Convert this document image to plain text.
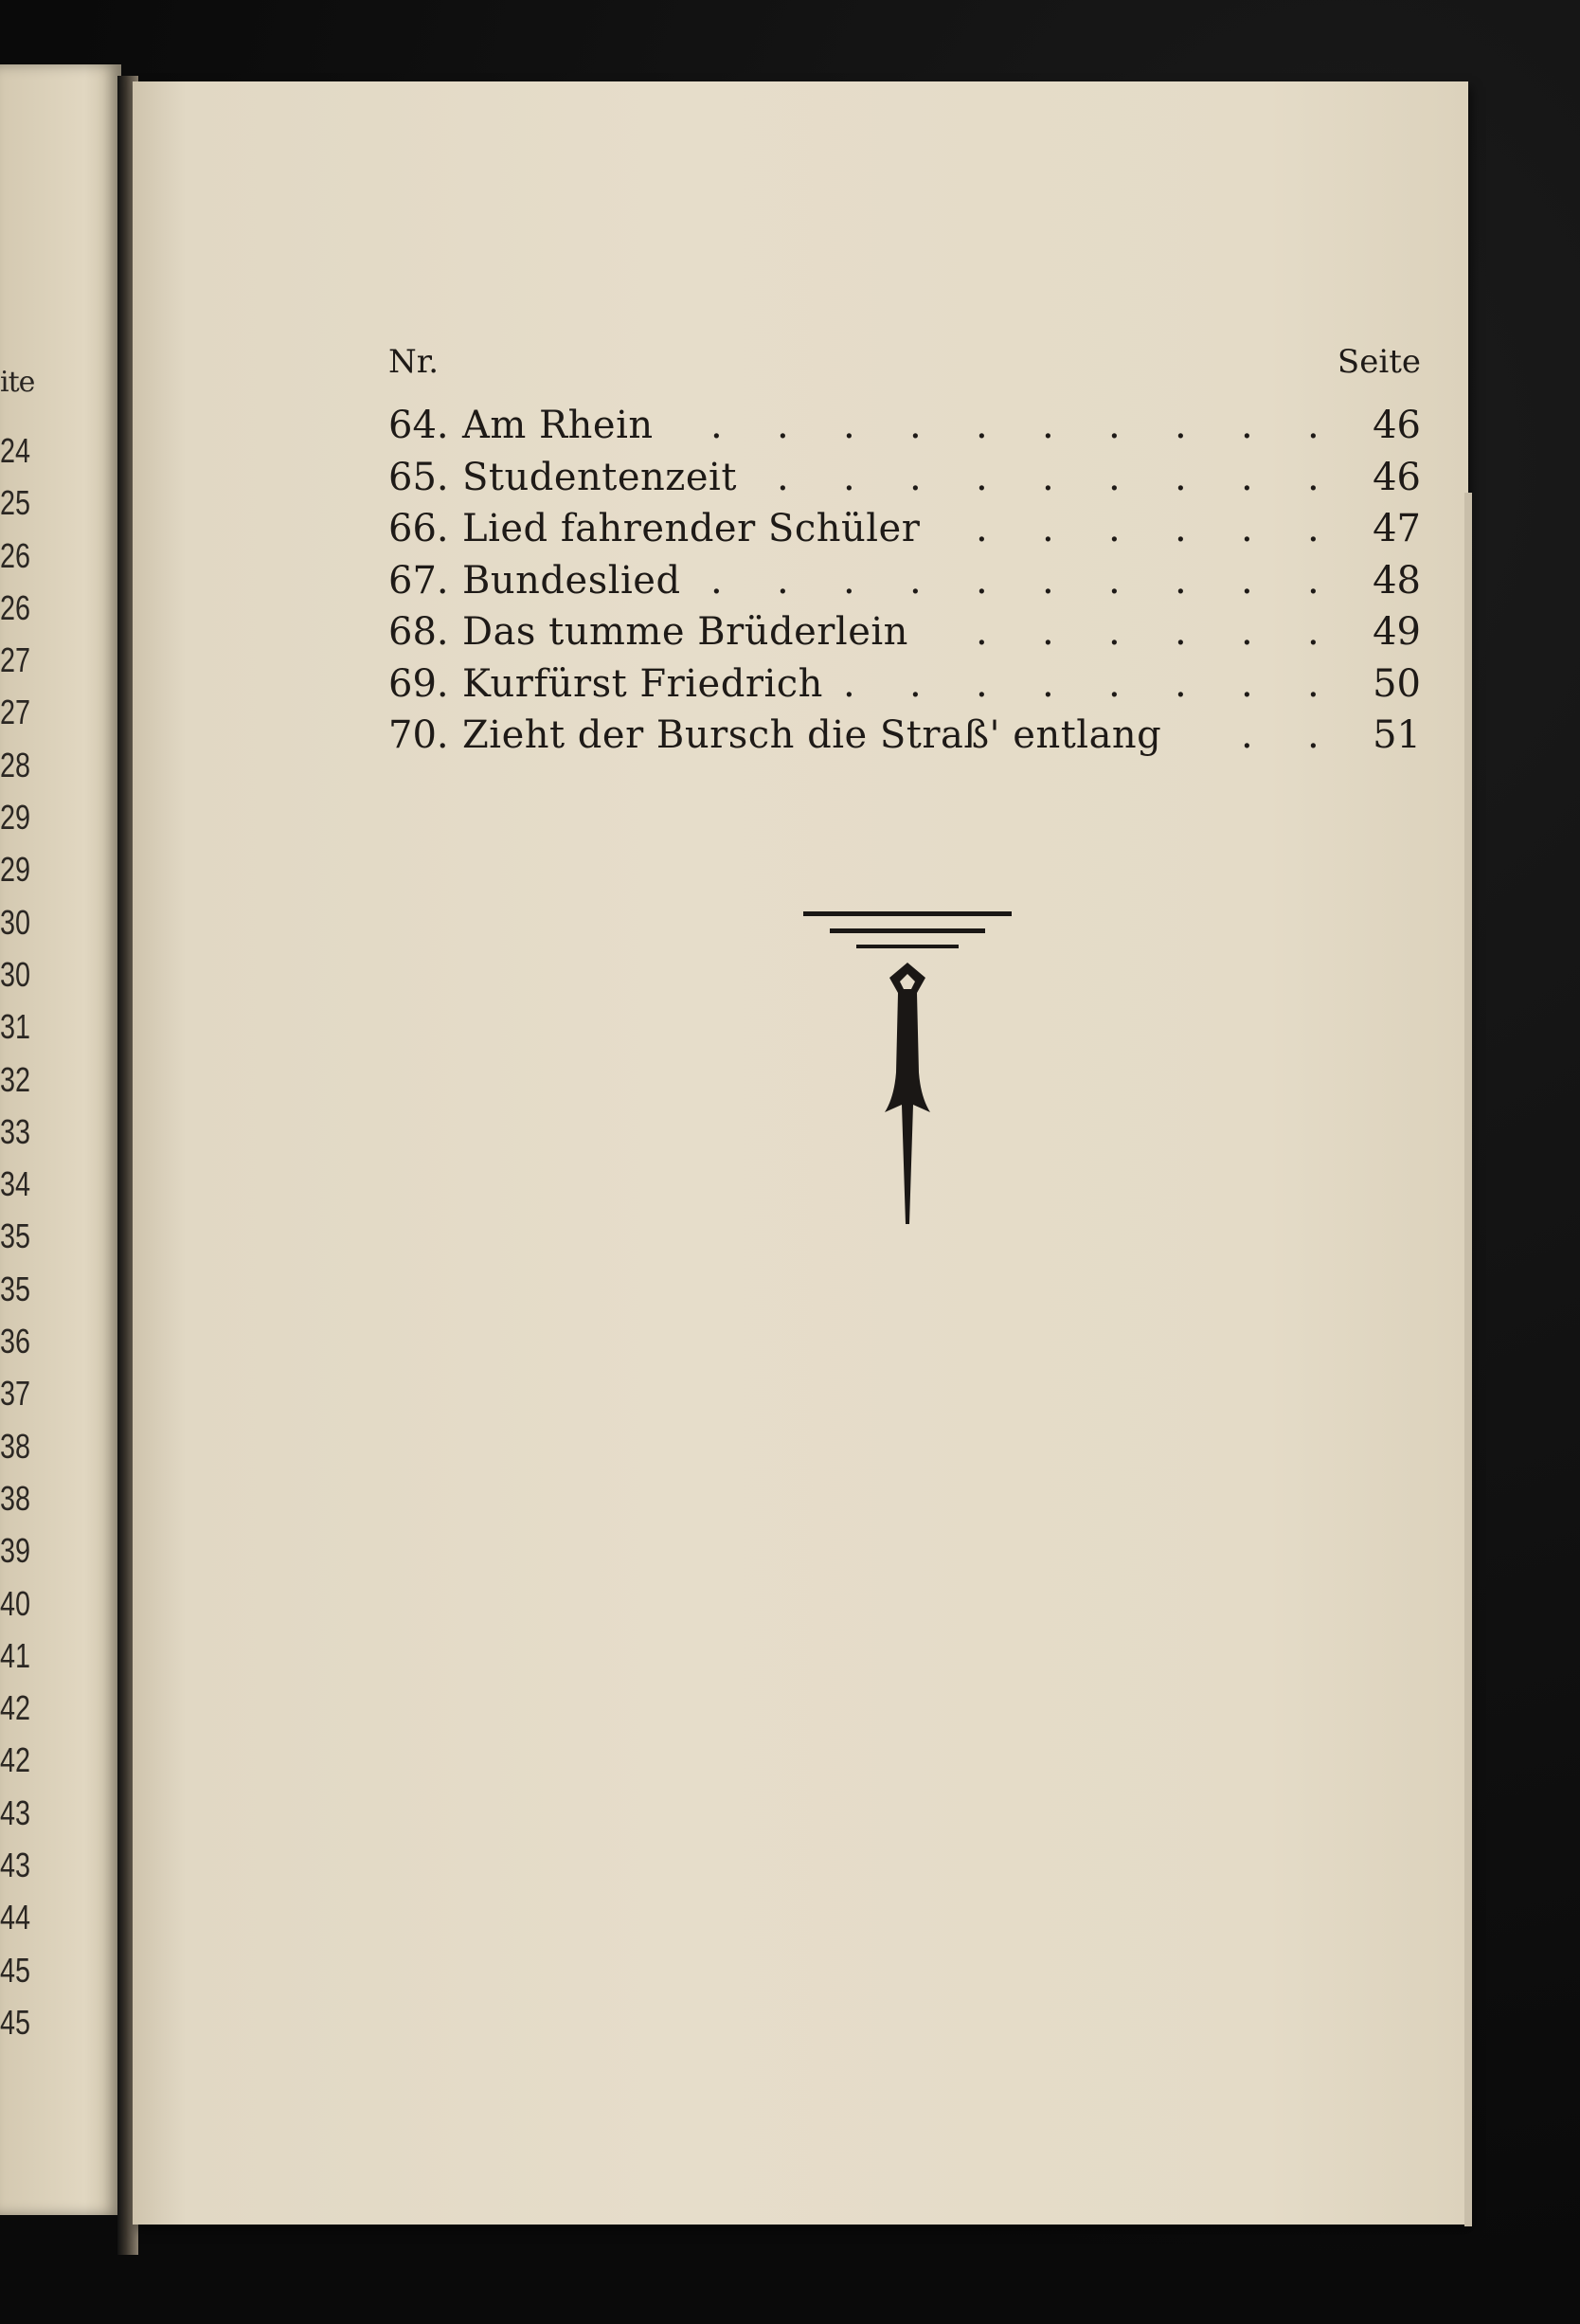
ite
24
25
26
26
27
27
28
29
29
30
30
31
32
33
34
35
35
36
37
38
38
39
40
41
42
42
43
43
44
45
45
Nr.	Seite
64. Am Rhein . . . . . . . . . . 46
65. Studentenzeit . . . . . . . . . 46
66. Lied fahrender Schüler . . . . . . 47
67. Bundeslied . . . . . . . . . . 48
68. Das tumme Brüderlein . . . . . . 49
69. Kurfürst Friedrich . . . . . . . . 50
70. Zieht der Bursch die Straß' entlang . . 51
